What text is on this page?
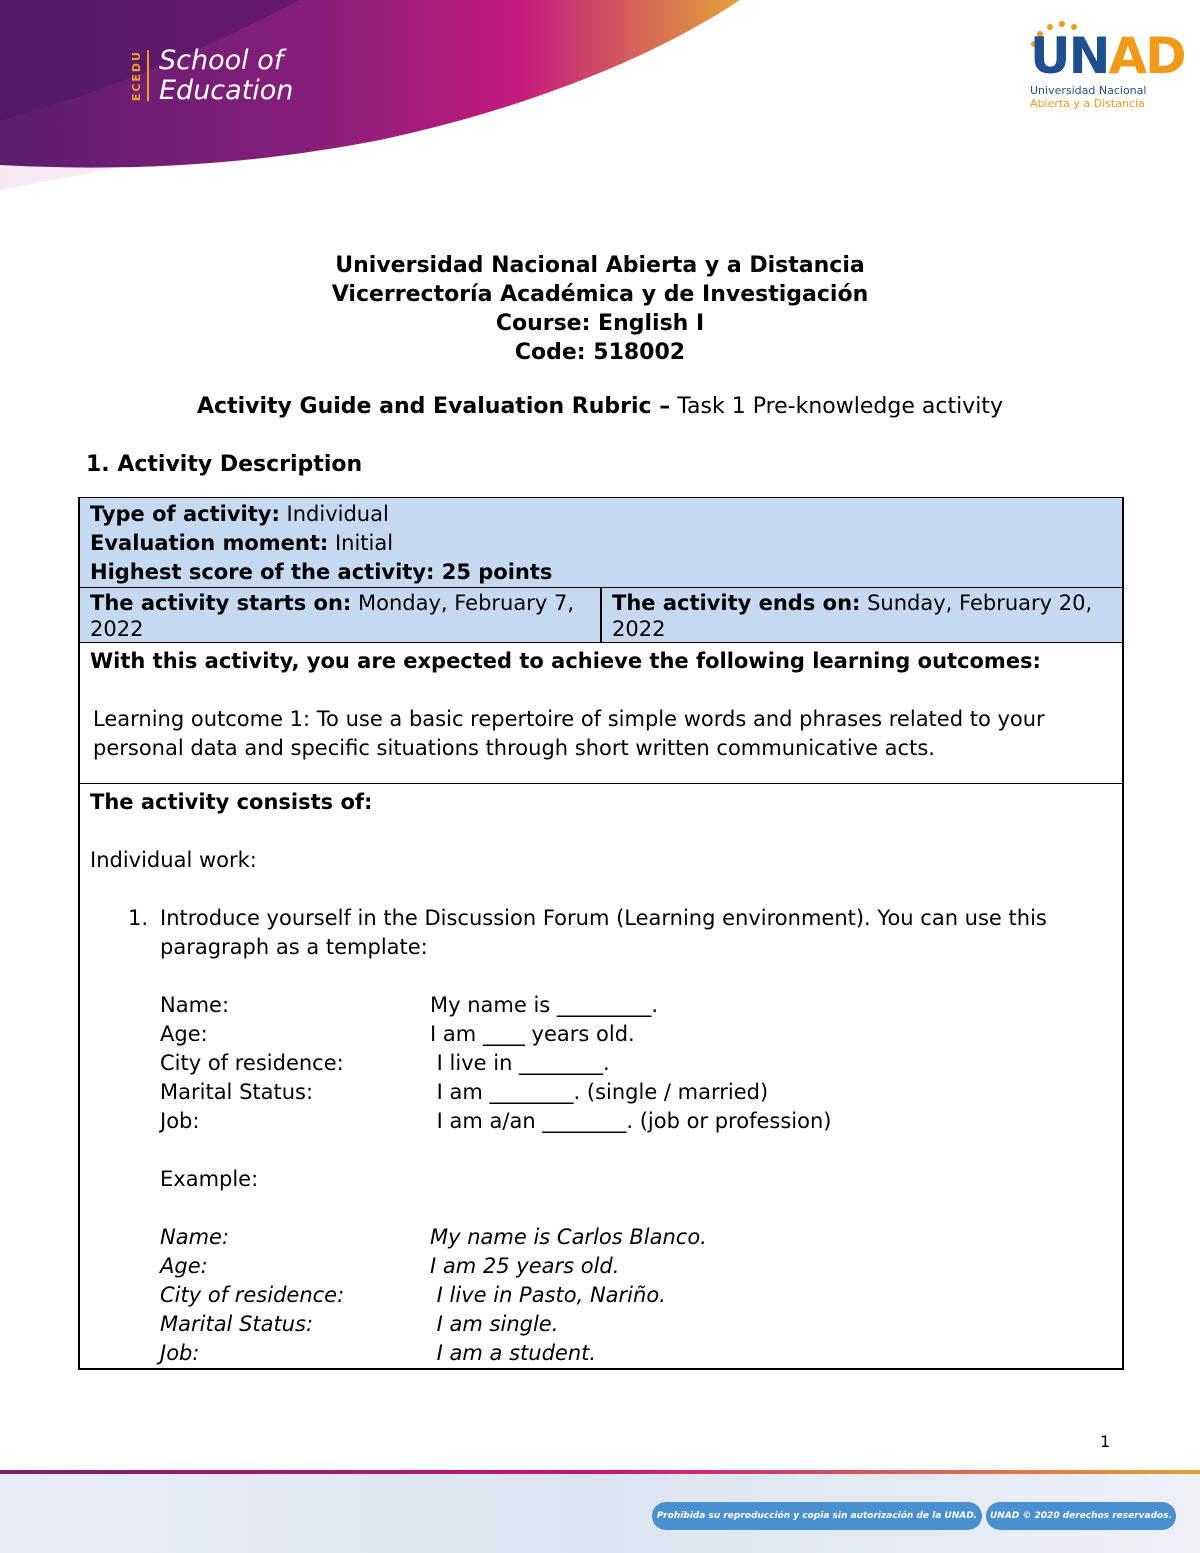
ECEDU School of
Education
UNAD
Universidad Nacional
Abierta y a Distancia
Universidad Nacional Abierta y a Distancia
Vicerrectoría Académica y de Investigación
Course: English I
Code: 518002
Activity Guide and Evaluation Rubric – Task 1 Pre-knowledge activity
1. Activity Description
Type of activity: Individual
Evaluation moment: Initial
Highest score of the activity: 25 points
The activity starts on: Monday, February 7, 2022
The activity ends on: Sunday, February 20, 2022
With this activity, you are expected to achieve the following learning outcomes:
Learning outcome 1: To use a basic repertoire of simple words and phrases related to your personal data and specific situations through short written communicative acts.
The activity consists of:
Individual work:
1. Introduce yourself in the Discussion Forum (Learning environment). You can use this paragraph as a template:
Name:	My name is _________.
Age:	I am ____ years old.
City of residence:	I live in ________.
Marital Status:	I am ________. (single / married)
Job:	I am a/an ________. (job or profession)
Example:
Name:	My name is Carlos Blanco.
Age:	I am 25 years old.
City of residence:	I live in Pasto, Nariño.
Marital Status:	I am single.
Job:	I am a student.
1
Prohibida su reproducción y copia sin autorización de la UNAD. UNAD © 2020 derechos reservados.
